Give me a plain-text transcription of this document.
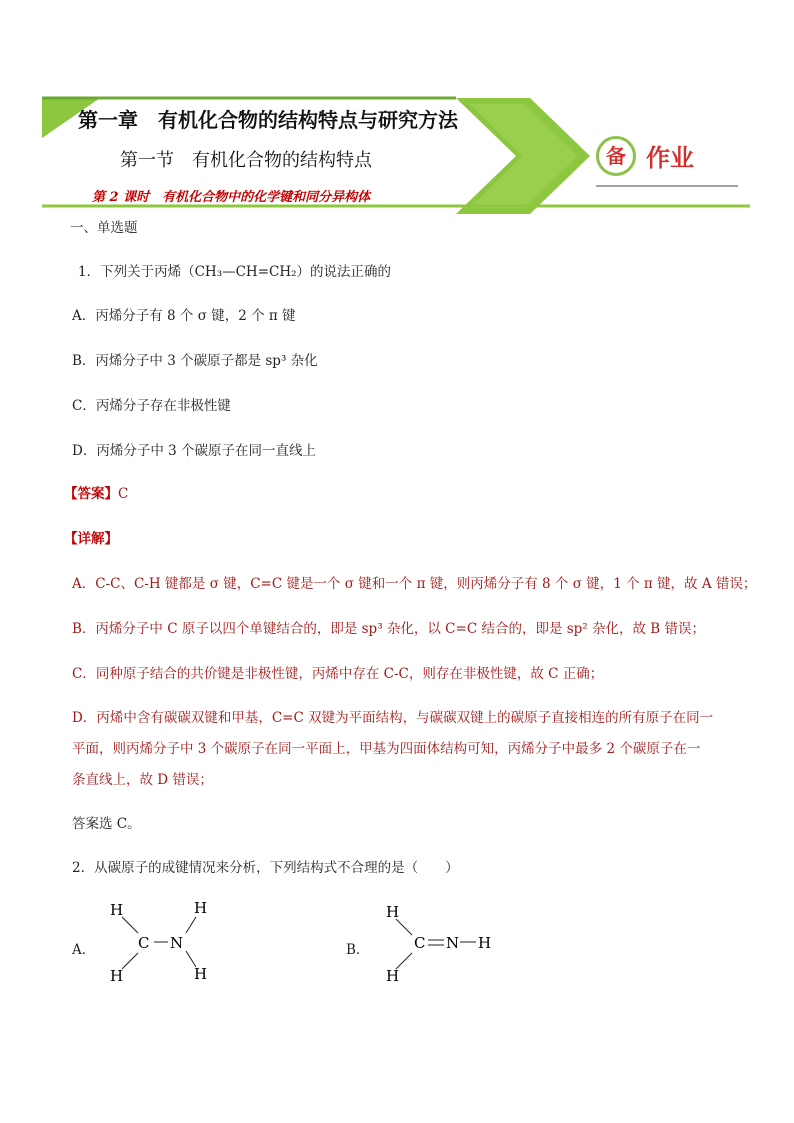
第一章　有机化合物的结构特点与研究方法
第一节　有机化合物的结构特点
第 2 课时　有机化合物中的化学键和同分异构体
备 作业
一、单选题
1．下列关于丙烯（CH₃—CH=CH₂）的说法正确的
A．丙烯分子有 8 个 σ 键，2 个 π 键
B．丙烯分子中 3 个碳原子都是 sp³ 杂化
C．丙烯分子存在非极性键
D．丙烯分子中 3 个碳原子在同一直线上
【答案】C
【详解】
A．C-C、C-H 键都是 σ 键，C=C 键是一个 σ 键和一个 π 键，则丙烯分子有 8 个 σ 键，1 个 π 键，故 A 错误；
B．丙烯分子中 C 原子以四个单键结合的，即是 sp³ 杂化，以 C=C 结合的，即是 sp² 杂化，故 B 错误；
C．同种原子结合的共价键是非极性键，丙烯中存在 C-C，则存在非极性键，故 C 正确；
D．丙烯中含有碳碳双键和甲基，C=C 双键为平面结构，与碳碳双键上的碳原子直接相连的所有原子在同一
平面，则丙烯分子中 3 个碳原子在同一平面上，甲基为四面体结构可知，丙烯分子中最多 2 个碳原子在一
条直线上，故 D 错误；
答案选 C。
2．从碳原子的成键情况来分析，下列结构式不合理的是（　　）
A．
H
H
C N
H
H
B．
H
H
C N H
